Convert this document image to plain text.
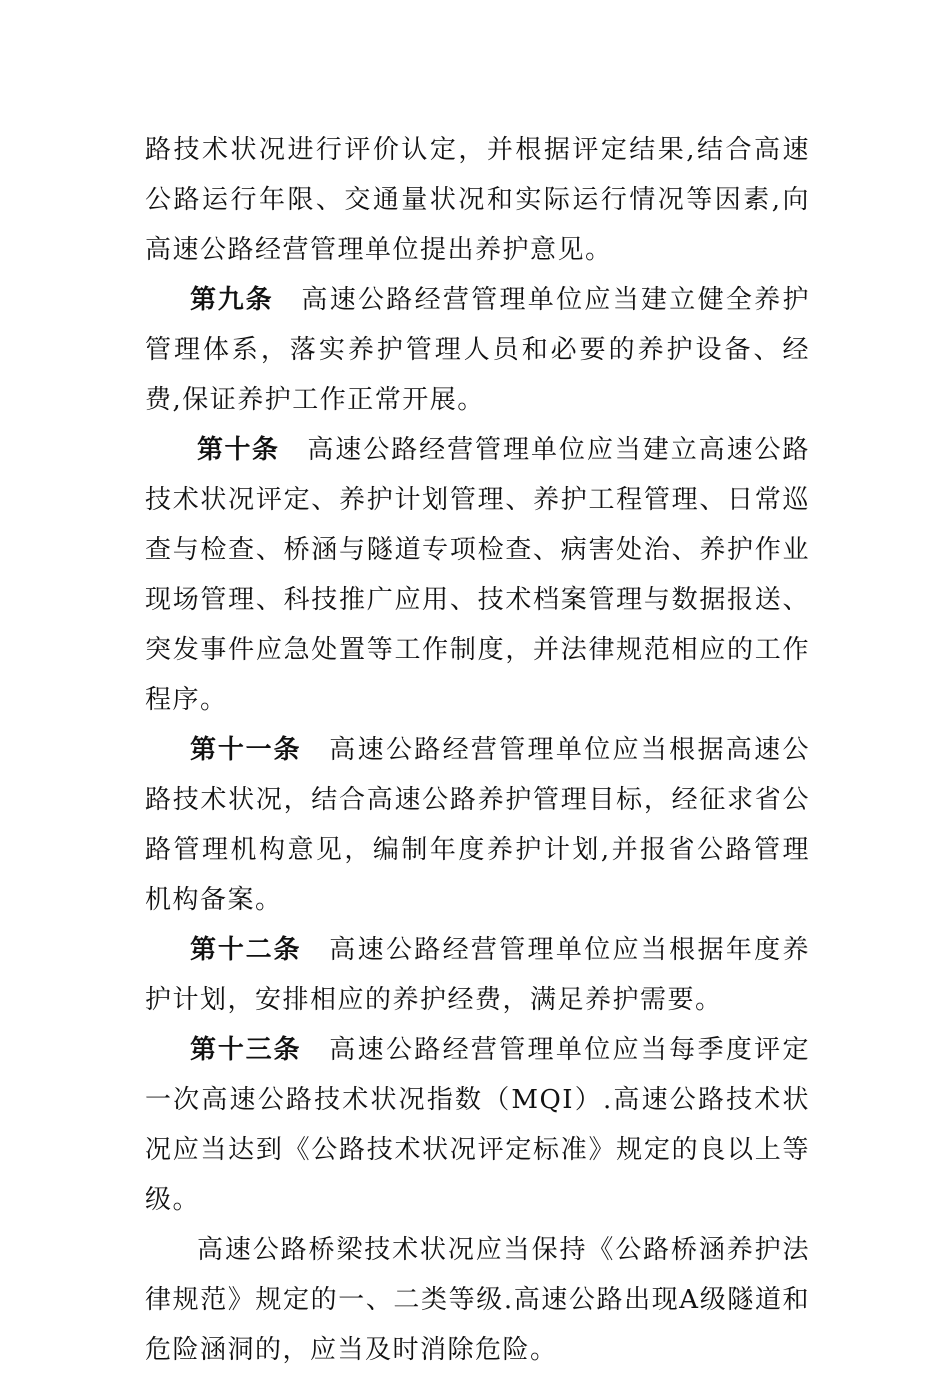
路技术状况进行评价认定，并根据评定结果,结合高速公路运行年限、交通量状况和实际运行情况等因素,向高速公路经营管理单位提出养护意见。

第九条 高速公路经营管理单位应当建立健全养护管理体系，落实养护管理人员和必要的养护设备、经费,保证养护工作正常开展。

第十条 高速公路经营管理单位应当建立高速公路技术状况评定、养护计划管理、养护工程管理、日常巡查与检查、桥涵与隧道专项检查、病害处治、养护作业现场管理、科技推广应用、技术档案管理与数据报送、突发事件应急处置等工作制度，并法律规范相应的工作程序。

第十一条 高速公路经营管理单位应当根据高速公路技术状况，结合高速公路养护管理目标，经征求省公路管理机构意见，编制年度养护计划,并报省公路管理机构备案。

第十二条 高速公路经营管理单位应当根据年度养护计划，安排相应的养护经费，满足养护需要。

第十三条 高速公路经营管理单位应当每季度评定一次高速公路技术状况指数（MQI）.高速公路技术状况应当达到《公路技术状况评定标准》规定的良以上等级。

高速公路桥梁技术状况应当保持《公路桥涵养护法律规范》规定的一、二类等级.高速公路出现A级隧道和危险涵洞的，应当及时消除危险。
